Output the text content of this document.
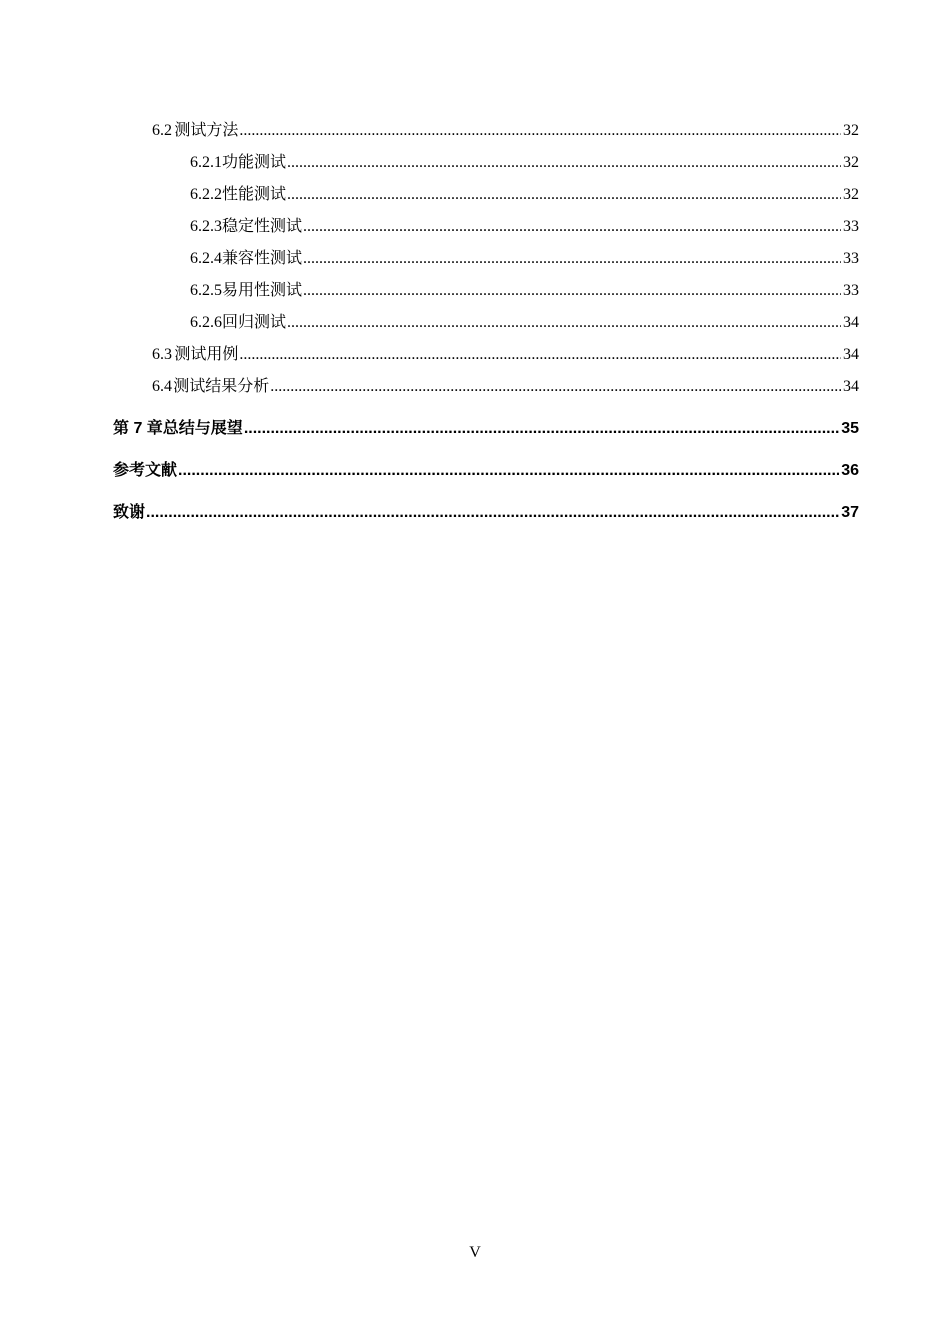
6.2 测试方法 .....	32
6.2.1 功能测试 .....	32
6.2.2 性能测试 .....	32
6.2.3 稳定性测试 .....	33
6.2.4 兼容性测试 .....	33
6.2.5 易用性测试 .....	33
6.2.6 回归测试 .....	34
6.3 测试用例 .....	34
6.4 测试结果分析 .....	34
第 7 章 总结与展望 .....	35
参考文献 .....	36
致谢 .....	37
V
